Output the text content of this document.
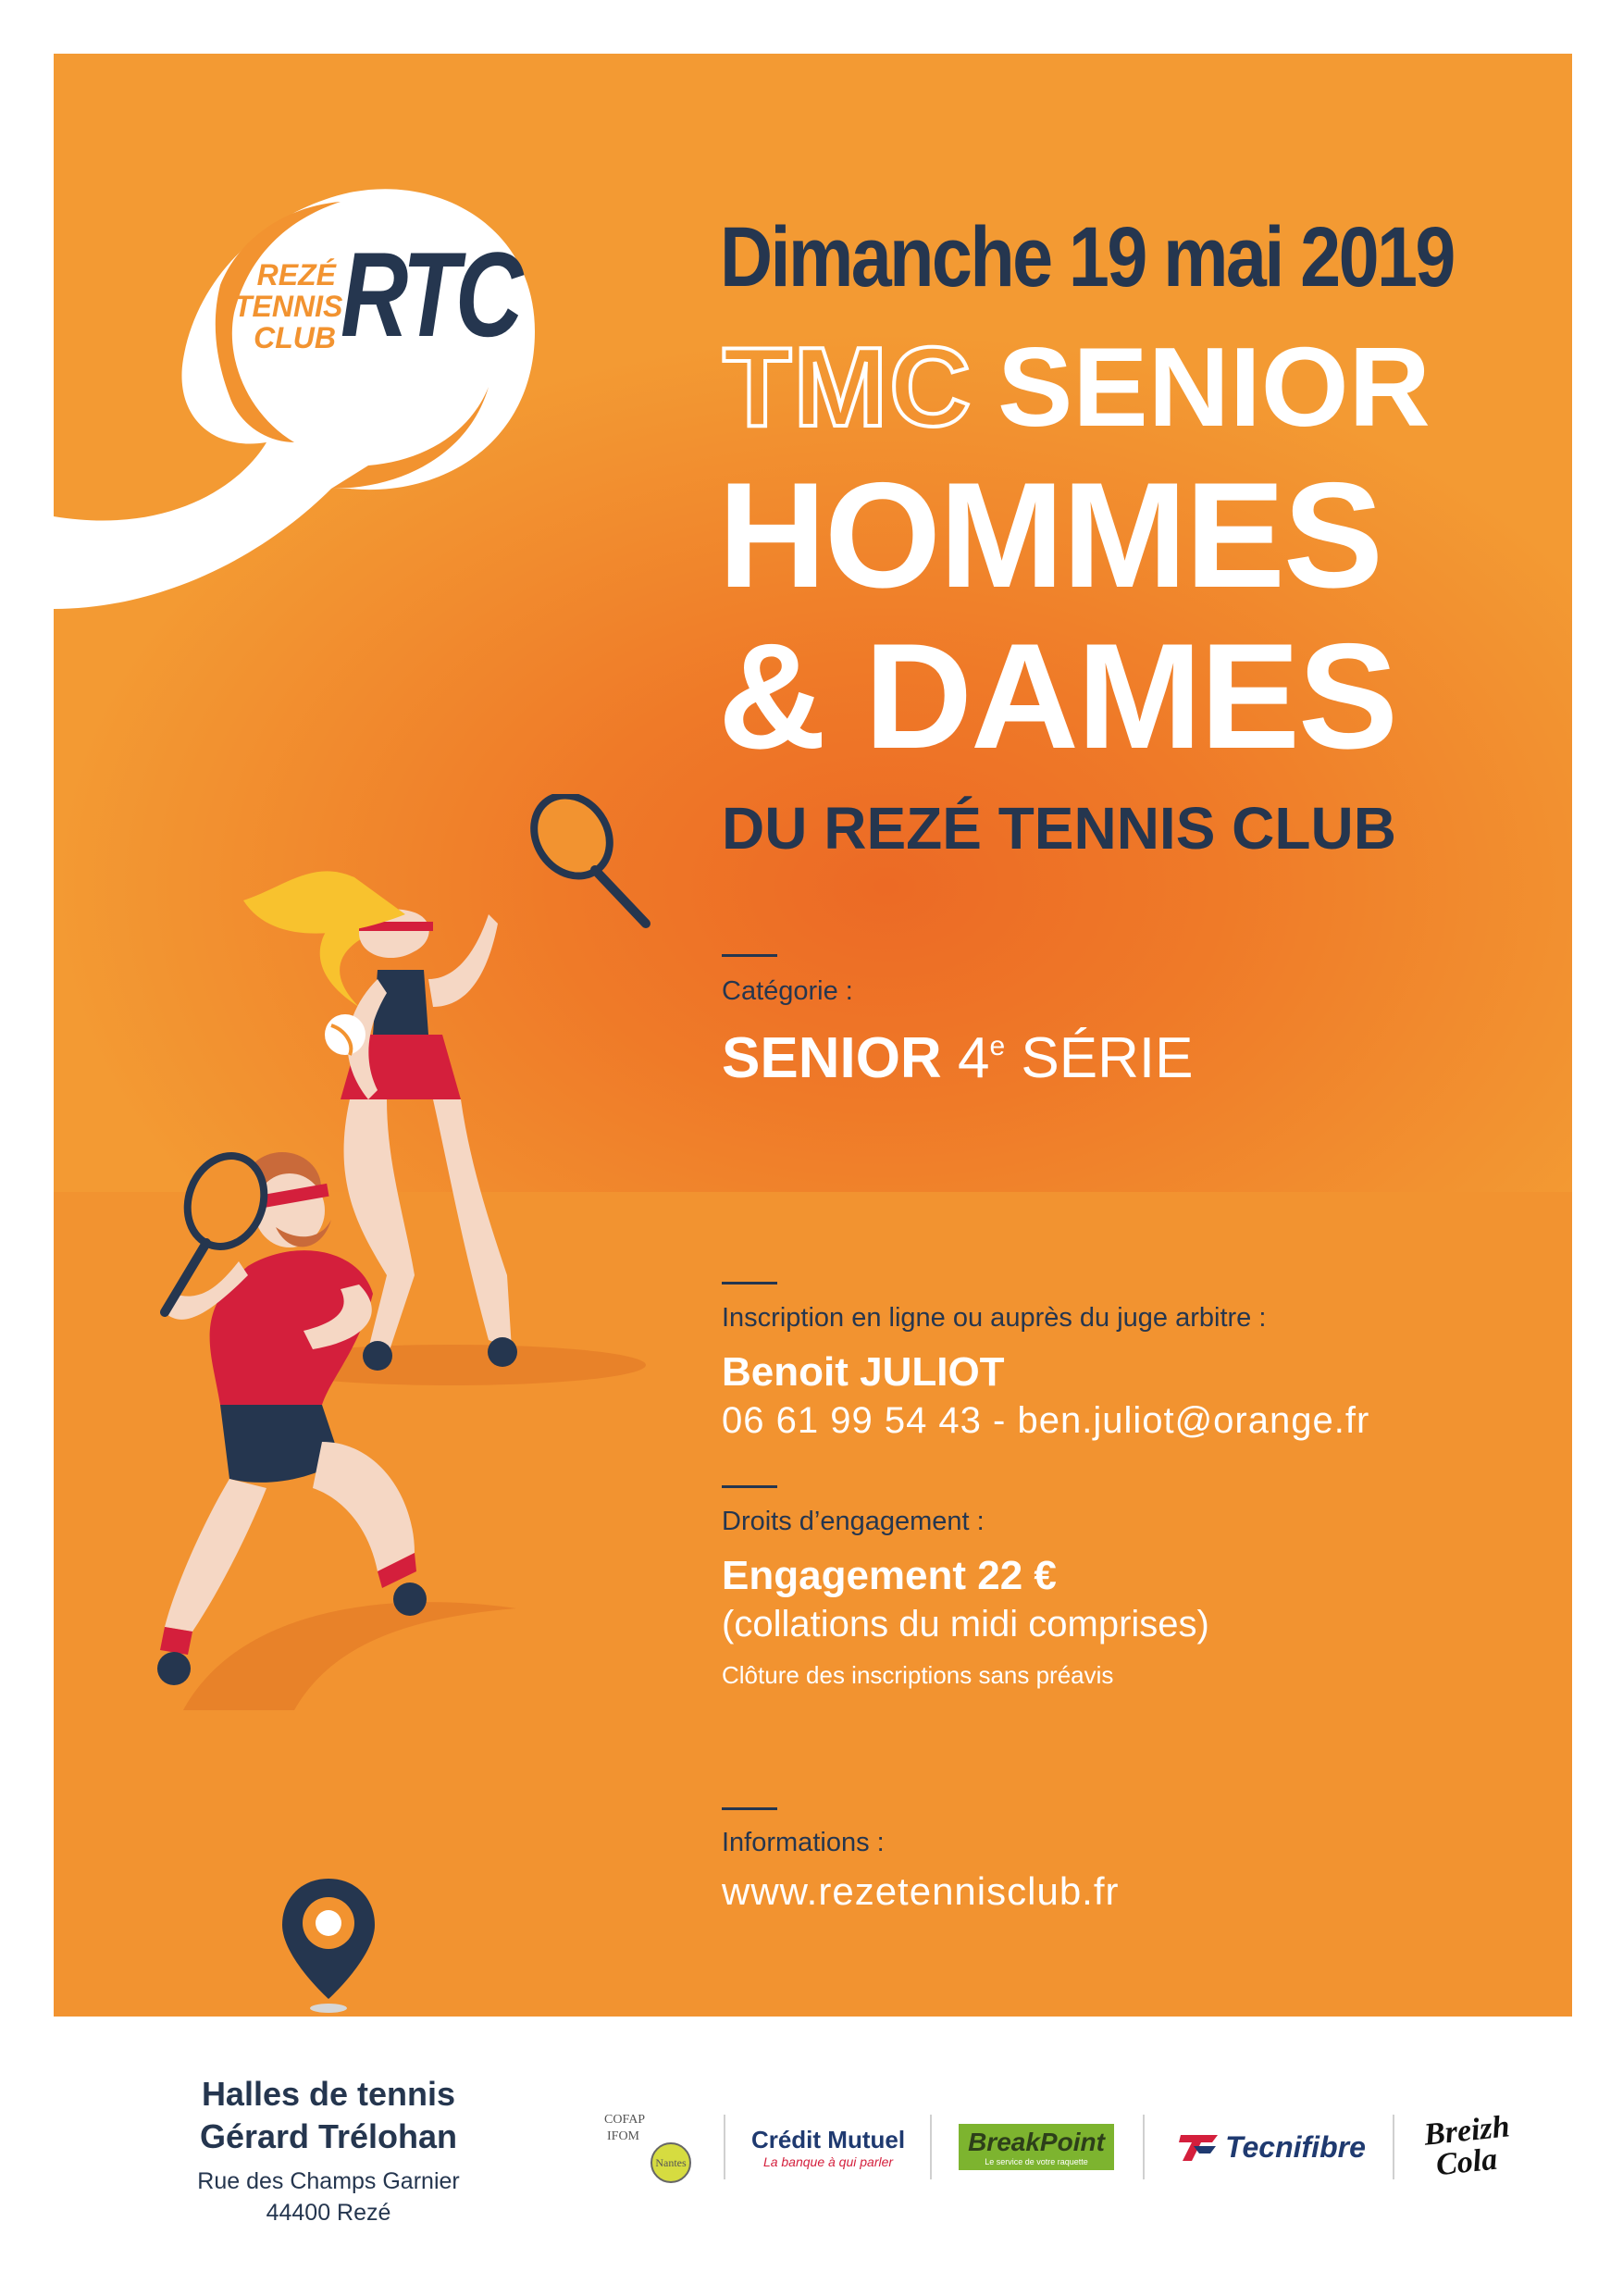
REZÉ
TENNIS
CLUB RTC Dimanche 19 mai 2019
TMC SENIOR
HOMMES
& DAMES
DU REZÉ TENNIS CLUB
Catégorie :
SENIOR 4e SÉRIE
Inscription en ligne ou auprès du juge arbitre :
Benoit JULIOT
06 61 99 54 43 - ben.juliot@orange.fr
Droits d’engagement :
Engagement 22 €
(collations du midi comprises)
Clôture des inscriptions sans préavis
Informations :
www.rezetennisclub.fr
Halles de tennis
Gérard Trélohan
Rue des Champs Garnier
44400 Rezé
COFAP
IFOM
Nantes
Crédit Mutuel
La banque à qui parler
BreakPoint
Le service de votre raquette	Tecnifibre Breizh
Cola
